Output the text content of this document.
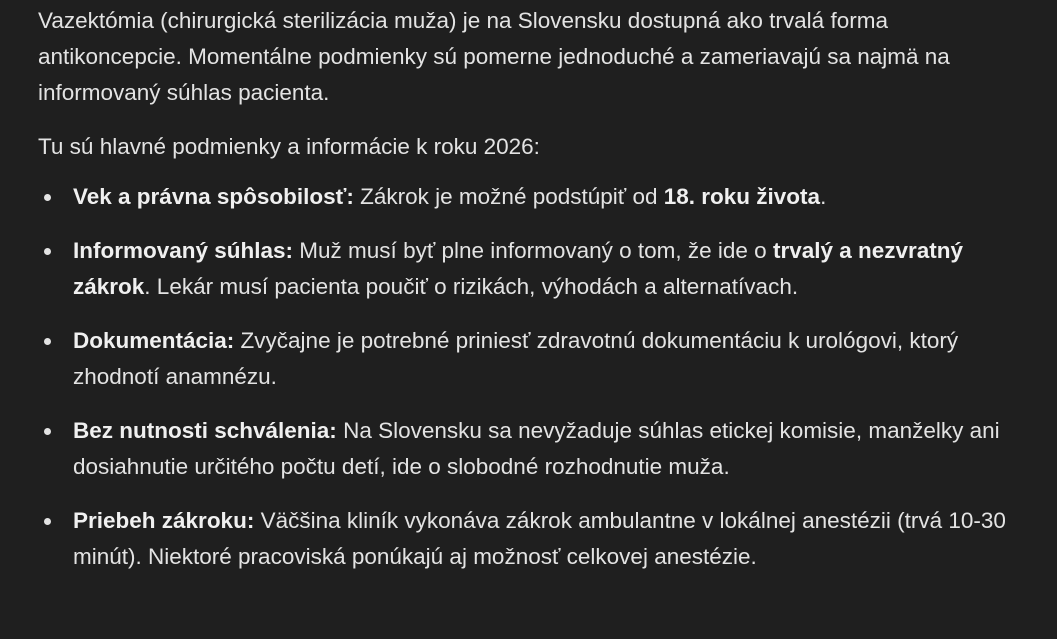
Vazektómia (chirurgická sterilizácia muža) je na Slovensku dostupná ako trvalá forma antikoncepcie. Momentálne podmienky sú pomerne jednoduché a zameriavajú sa najmä na informovaný súhlas pacienta.

Tu sú hlavné podmienky a informácie k roku 2026:

Vek a právna spôsobilosť: Zákrok je možné podstúpiť od 18. roku života.
Informovaný súhlas: Muž musí byť plne informovaný o tom, že ide o trvalý a nezvratný zákrok. Lekár musí pacienta poučiť o rizikách, výhodách a alternatívach.
Dokumentácia: Zvyčajne je potrebné priniesť zdravotnú dokumentáciu k urológovi, ktorý zhodnotí anamnézu.
Bez nutnosti schválenia: Na Slovensku sa nevyžaduje súhlas etickej komisie, manželky ani dosiahnutie určitého počtu detí, ide o slobodné rozhodnutie muža.
Priebeh zákroku: Väčšina kliník vykonáva zákrok ambulantne v lokálnej anestézii (trvá 10-30 minút). Niektoré pracoviská ponúkajú aj možnosť celkovej anestézie.
